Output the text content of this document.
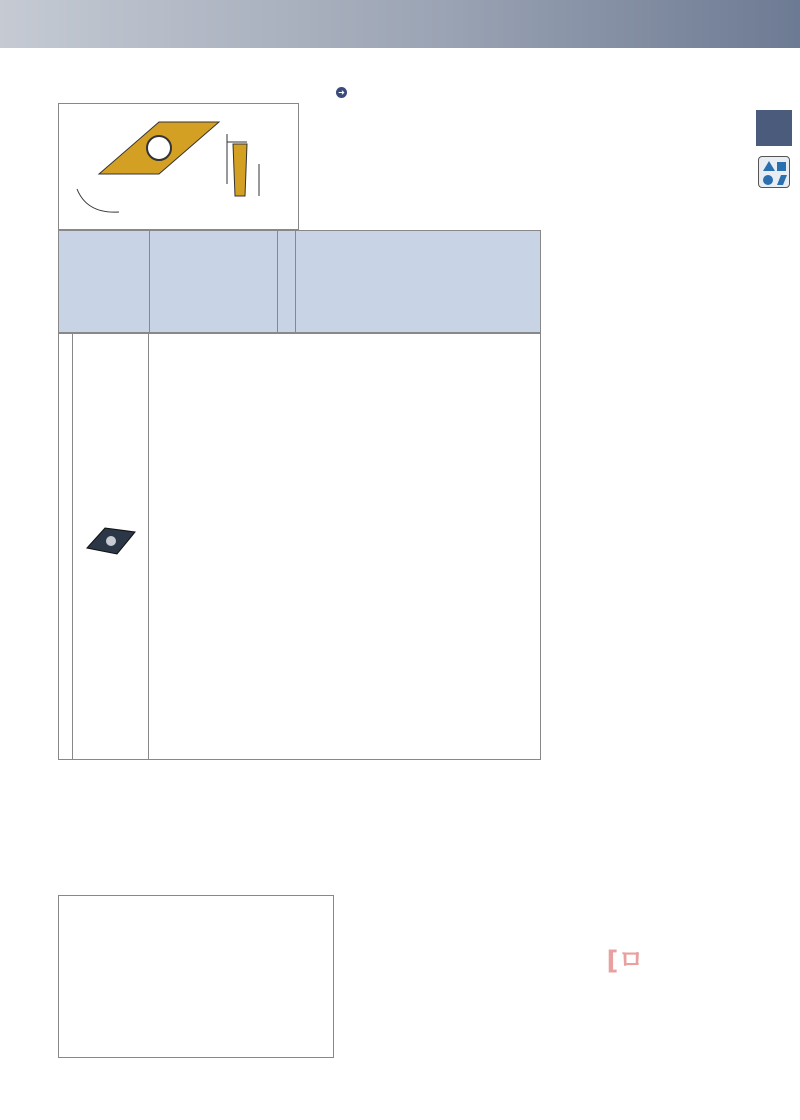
➜
[ㅁ
